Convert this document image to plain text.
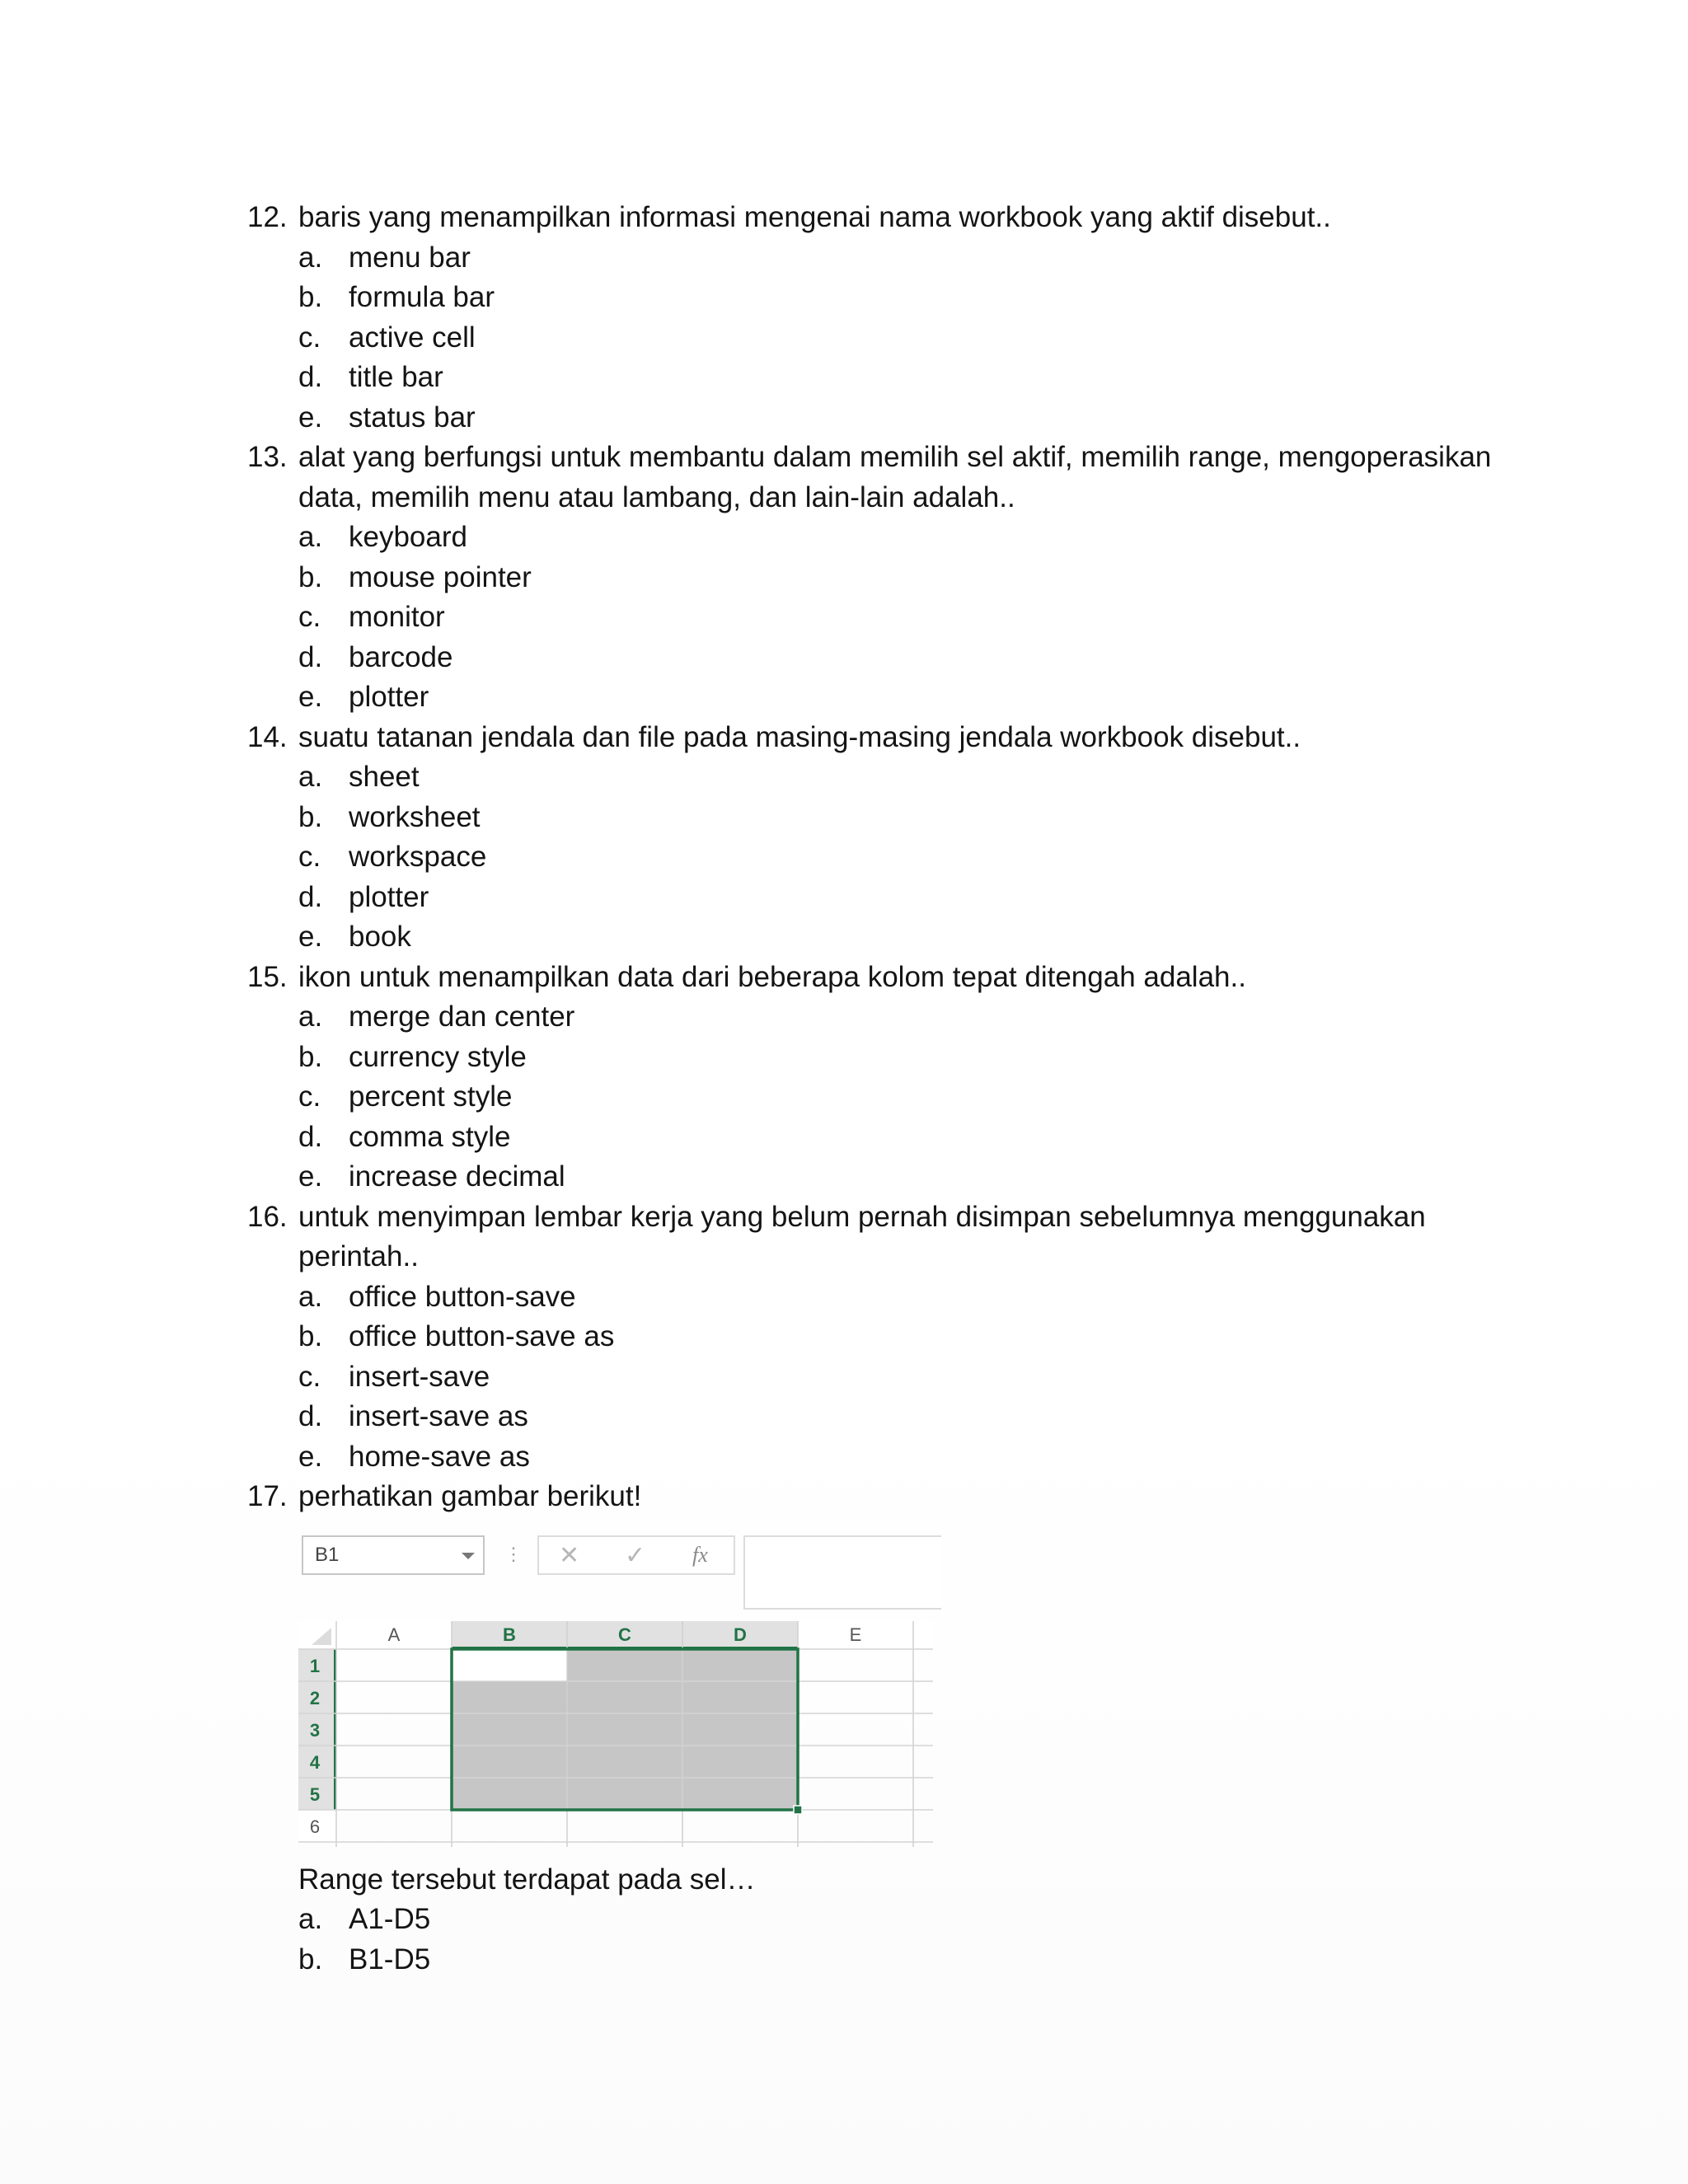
12. baris yang menampilkan informasi mengenai nama workbook yang aktif disebut..
a. menu bar
b. formula bar
c. active cell
d. title bar
e. status bar
13. alat yang berfungsi untuk membantu dalam memilih sel aktif, memilih range, mengoperasikan data, memilih menu atau lambang, dan lain-lain adalah..
a. keyboard
b. mouse pointer
c. monitor
d. barcode
e. plotter
14. suatu tatanan jendala dan file pada masing-masing jendala workbook disebut..
a. sheet
b. worksheet
c. workspace
d. plotter
e. book
15. ikon untuk menampilkan data dari beberapa kolom tepat ditengah adalah..
a. merge dan center
b. currency style
c. percent style
d. comma style
e. increase decimal
16. untuk menyimpan lembar kerja yang belum pernah disimpan sebelumnya menggunakan perintah..
a. office button-save
b. office button-save as
c. insert-save
d. insert-save as
e. home-save as
17. perhatikan gambar berikut!
B1	⋮ ✕ ✓ fx
A	B	C	D	E
1
2
3
4
5
6
Range tersebut terdapat pada sel…
a. A1-D5
b. B1-D5
